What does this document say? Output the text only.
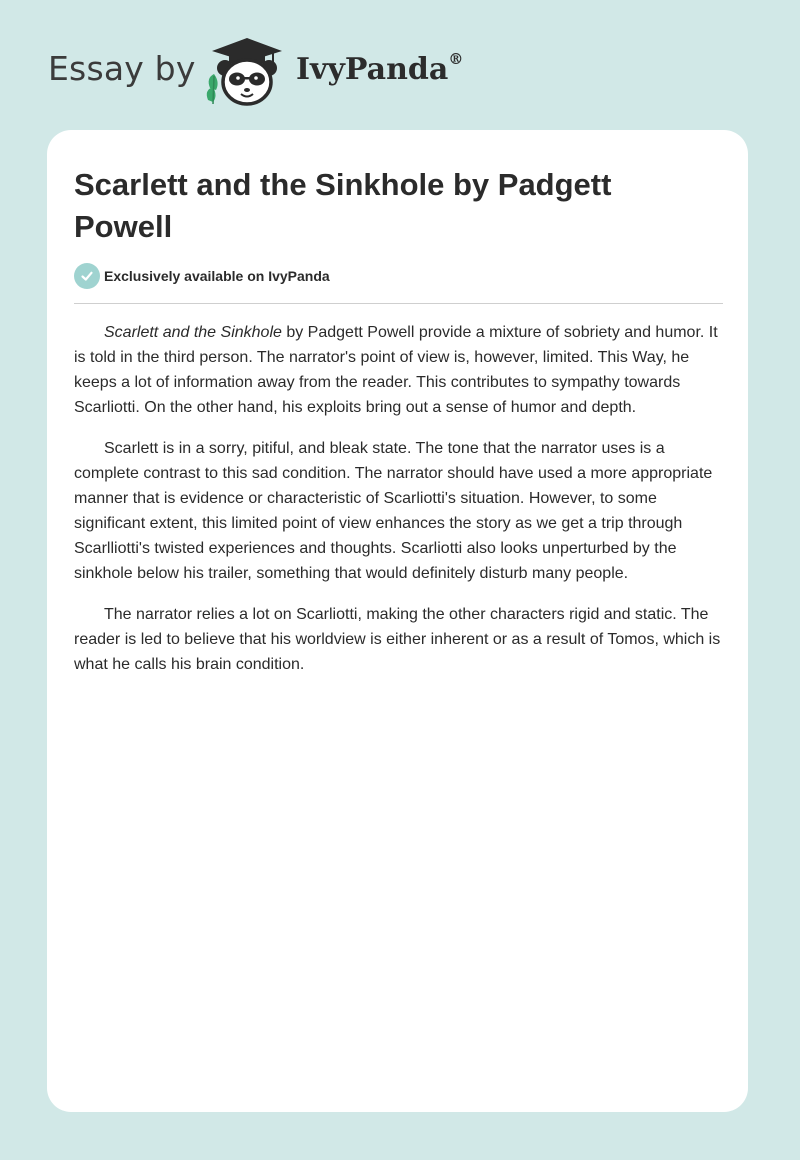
Essay by	IvyPanda®
Scarlett and the Sinkhole by Padgett Powell
Exclusively available on IvyPanda

Scarlett and the Sinkhole by Padgett Powell provide a mixture of sobriety and humor. It is told in the third person. The narrator's point of view is, however, limited. This Way, he keeps a lot of information away from the reader. This contributes to sympathy towards Scarliotti. On the other hand, his exploits bring out a sense of humor and depth.

Scarlett is in a sorry, pitiful, and bleak state. The tone that the narrator uses is a complete contrast to this sad condition. The narrator should have used a more appropriate manner that is evidence or characteristic of Scarliotti's situation. However, to some significant extent, this limited point of view enhances the story as we get a trip through Scarlliotti's twisted experiences and thoughts. Scarliotti also looks unperturbed by the sinkhole below his trailer, something that would definitely disturb many people.

The narrator relies a lot on Scarliotti, making the other characters rigid and static. The reader is led to believe that his worldview is either inherent or as a result of Tomos, which is what he calls his brain condition.
